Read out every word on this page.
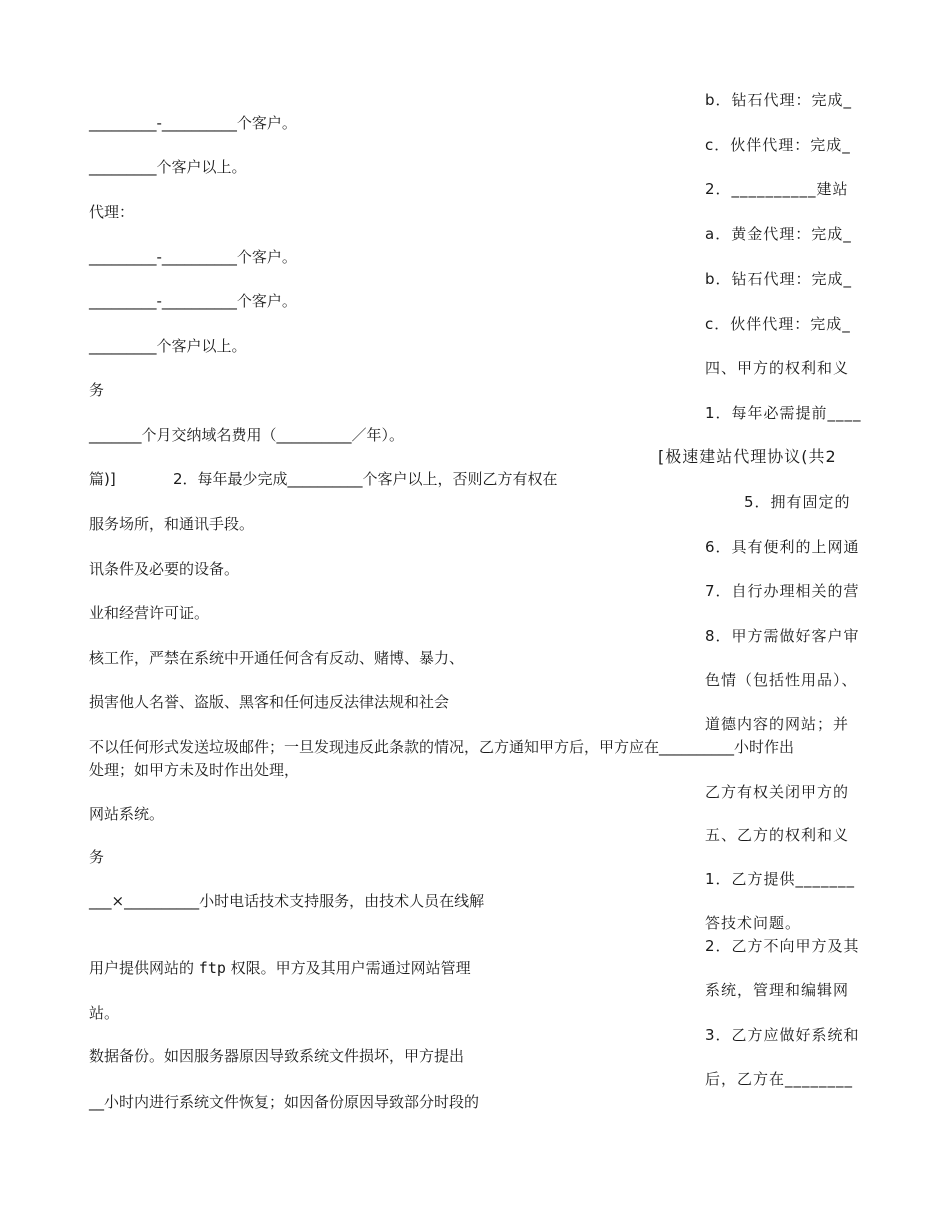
_________-__________个客户。
_________个客户以上。
代理：
_________-__________个客户。
_________-__________个客户。
_________个客户以上。
务
_______个月交纳域名费用（__________／年）。
篇)]	2．每年最少完成__________个客户以上，否则乙方有权在
服务场所，和通讯手段。
讯条件及必要的设备。
业和经营许可证。
核工作，严禁在系统中开通任何含有反动、赌博、暴力、
损害他人名誉、盗版、黑客和任何违反法律法规和社会
不以任何形式发送垃圾邮件；一旦发现违反此条款的情况，乙方通知甲方后，甲方应在__________小时作出
处理；如甲方未及时作出处理，
网站系统。
务
___×__________小时电话技术支持服务，由技术人员在线解
用户提供网站的 ftp 权限。甲方及其用户需通过网站管理
站。
数据备份。如因服务器原因导致系统文件损坏，甲方提出
__小时内进行系统文件恢复；如因备份原因导致部分时段的
b．钻石代理：完成_
c．伙伴代理：完成_
2．__________建站
a．黄金代理：完成_
b．钻石代理：完成_
c．伙伴代理：完成_
四、甲方的权利和义
1．每年必需提前____
[极速建站代理协议(共2
5．拥有固定的
6．具有便利的上网通
7．自行办理相关的营
8．甲方需做好客户审
色情（包括性用品）、
道德内容的网站；并
乙方有权关闭甲方的
五、乙方的权利和义
1．乙方提供_______
答技术问题。
2．乙方不向甲方及其
系统，管理和编辑网
3．乙方应做好系统和
后，乙方在________
